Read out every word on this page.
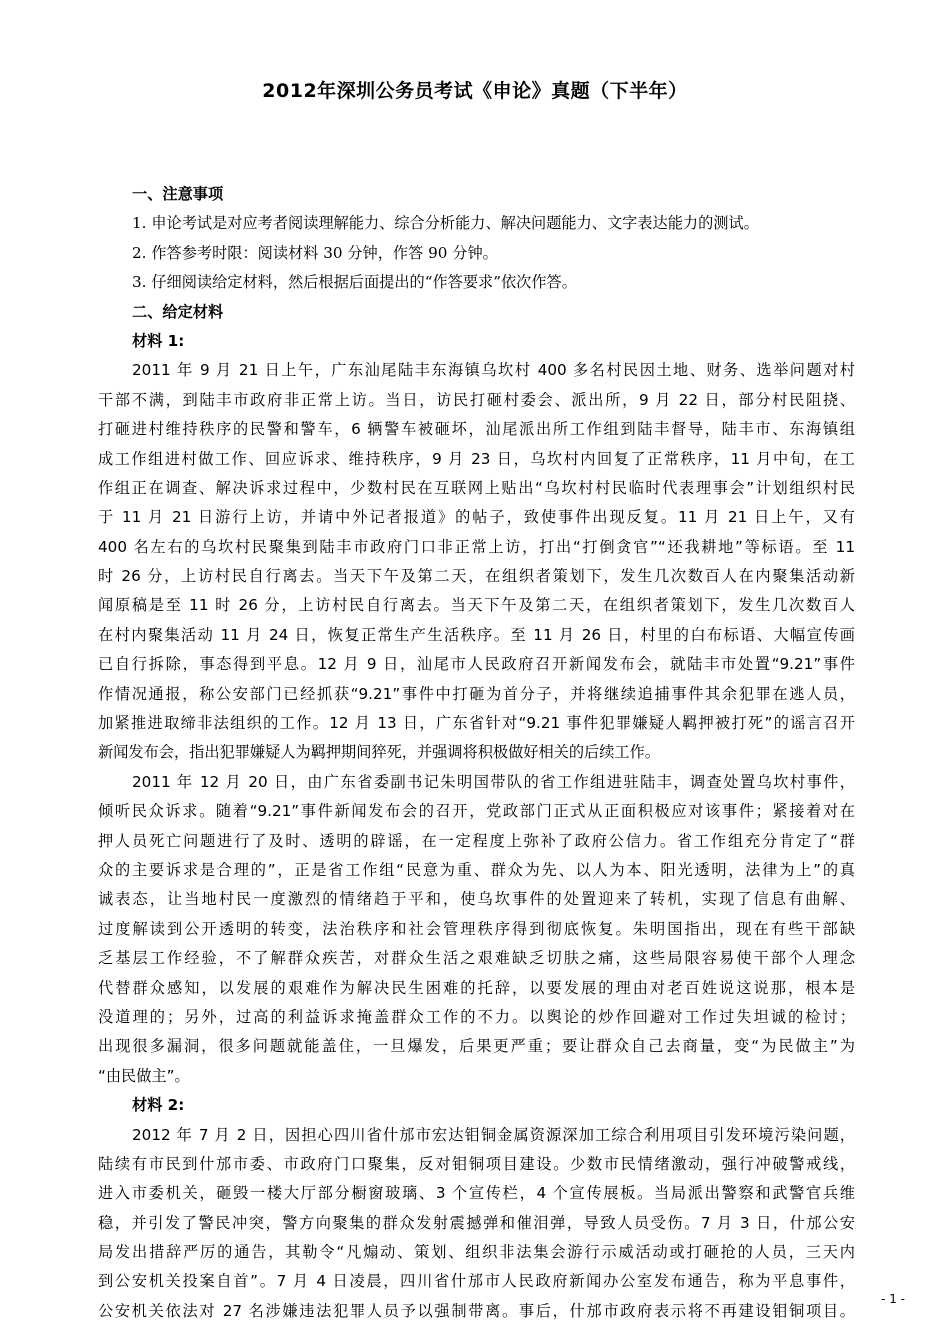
2012年深圳公务员考试《申论》真题（下半年）
一、注意事项
1. 申论考试是对应考者阅读理解能力、综合分析能力、解决问题能力、文字表达能力的测试。
2. 作答参考时限：阅读材料 30 分钟，作答 90 分钟。
3. 仔细阅读给定材料，然后根据后面提出的“作答要求”依次作答。
二、给定材料
材料 1:
2011 年 9 月 21 日上午，广东汕尾陆丰东海镇乌坎村 400 多名村民因土地、财务、选举问题对村
干部不满，到陆丰市政府非正常上访。当日，访民打砸村委会、派出所，9 月 22 日，部分村民阻挠、
打砸进村维持秩序的民警和警车，6 辆警车被砸坏，汕尾派出所工作组到陆丰督导，陆丰市、东海镇组
成工作组进村做工作、回应诉求、维持秩序，9 月 23 日，乌坎村内回复了正常秩序，11 月中旬，在工
作组正在调查、解决诉求过程中，少数村民在互联网上贴出“乌坎村村民临时代表理事会”计划组织村民
于 11 月 21 日游行上访，并请中外记者报道》的帖子，致使事件出现反复。11 月 21 日上午，又有
400 名左右的乌坎村民聚集到陆丰市政府门口非正常上访，打出“打倒贪官”“还我耕地”等标语。至 11
时 26 分，上访村民自行离去。当天下午及第二天，在组织者策划下，发生几次数百人在内聚集活动新
闻原稿是至 11 时 26 分，上访村民自行离去。当天下午及第二天，在组织者策划下，发生几次数百人
在村内聚集活动 11 月 24 日，恢复正常生产生活秩序。至 11 月 26 日，村里的白布标语、大幅宣传画
已自行拆除，事态得到平息。12 月 9 日，汕尾市人民政府召开新闻发布会，就陆丰市处置“9.21”事件
作情况通报，称公安部门已经抓获“9.21”事件中打砸为首分子，并将继续追捕事件其余犯罪在逃人员，
加紧推进取缔非法组织的工作。12 月 13 日，广东省针对“9.21 事件犯罪嫌疑人羁押被打死”的谣言召开
新闻发布会，指出犯罪嫌疑人为羁押期间猝死，并强调将积极做好相关的后续工作。
2011 年 12 月 20 日，由广东省委副书记朱明国带队的省工作组进驻陆丰，调查处置乌坎村事件，
倾听民众诉求。随着“9.21”事件新闻发布会的召开，党政部门正式从正面积极应对该事件；紧接着对在
押人员死亡问题进行了及时、透明的辟谣，在一定程度上弥补了政府公信力。省工作组充分肯定了“群
众的主要诉求是合理的”，正是省工作组“民意为重、群众为先、以人为本、阳光透明，法律为上”的真
诚表态，让当地村民一度激烈的情绪趋于平和，使乌坎事件的处置迎来了转机，实现了信息有曲解、
过度解读到公开透明的转变，法治秩序和社会管理秩序得到彻底恢复。朱明国指出，现在有些干部缺
乏基层工作经验，不了解群众疾苦，对群众生活之艰难缺乏切肤之痛，这些局限容易使干部个人理念
代替群众感知，以发展的艰难作为解决民生困难的托辞，以要发展的理由对老百姓说这说那，根本是
没道理的；另外，过高的利益诉求掩盖群众工作的不力。以舆论的炒作回避对工作过失坦诚的检讨；
出现很多漏洞，很多问题就能盖住，一旦爆发，后果更严重；要让群众自己去商量，变“为民做主”为
“由民做主”。
材料 2:
2012 年 7 月 2 日，因担心四川省什邡市宏达钼铜金属资源深加工综合利用项目引发环境污染问题，
陆续有市民到什邡市委、市政府门口聚集，反对钼铜项目建设。少数市民情绪激动，强行冲破警戒线，
进入市委机关，砸毁一楼大厅部分橱窗玻璃、3 个宣传栏，4 个宣传展板。当局派出警察和武警官兵维
稳，并引发了警民冲突，警方向聚集的群众发射震撼弹和催泪弹，导致人员受伤。7 月 3 日，什邡公安
局发出措辞严厉的通告，其勒令“凡煽动、策划、组织非法集会游行示威活动或打砸抢的人员，三天内
到公安机关投案自首”。7 月 4 日凌晨，四川省什邡市人民政府新闻办公室发布通告，称为平息事件，
公安机关依法对 27 名涉嫌违法犯罪人员予以强制带离。事后，什邡市政府表示将不再建设钼铜项目。
- 1 -
